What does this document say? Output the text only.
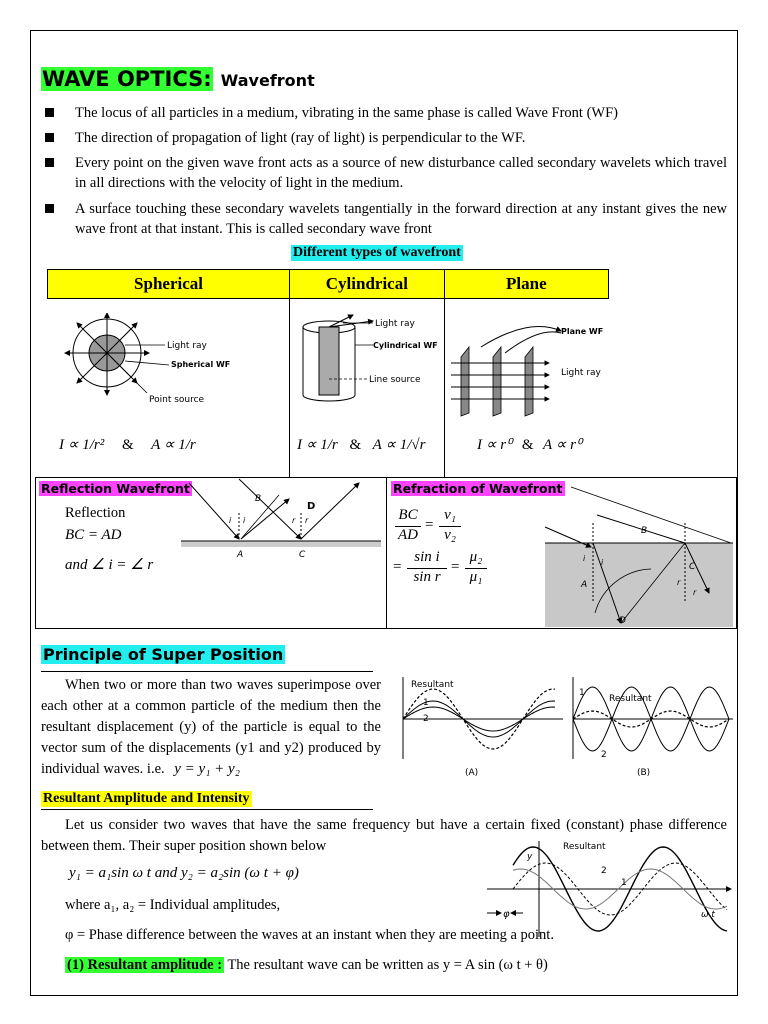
WAVE OPTICS: Wavefront
The locus of all particles in a medium, vibrating in the same phase is called Wave Front (WF)
The direction of propagation of light (ray of light) is perpendicular to the WF.
Every point on the given wave front acts as a source of new disturbance called secondary wavelets which travel in all directions with the velocity of light in the medium.
A surface touching these secondary wavelets tangentially in the forward direction at any instant gives the new wave front at that instant. This is called secondary wave front
Different types of wavefront
Spherical	Cylindrical	Plane
Light ray
Spherical WF
Point source
Light ray
Cylindrical WF
Line source
Plane WF
Light ray
I ∝ 1/r² & A ∝ 1/r	I ∝ 1/r & A ∝ 1/√r	I ∝ r⁰ & A ∝ r⁰
Reflection Wavefront
Reflection
BC = AD
and ∠ i = ∠ r
B
D
i i	r r
A	C
Refraction of Wavefront
BC
AD
=
v₁
v₂
=
sin i
sin r
=
μ₂
μ₁
B
i i
A
C
r
r
D
Principle of Super Position
When two or more than two waves superimpose over each other at a common particle of the medium then the resultant displacement (y) of the particle is equal to the vector sum of the displacements (y1 and y2) produced by individual waves. i.e. y = y₁ + y₂
Resultant
1
2
(A)
1
Resultant
2
(B)
Resultant Amplitude and Intensity
Let us consider two waves that have the same frequency but have a certain fixed (constant) phase difference between them. Their super position shown below
y₁ = a₁sin ω t and y₂ = a₂sin (ω t + φ)
where a₁, a₂ = Individual amplitudes,
φ = Phase difference between the waves at an instant when they are meeting a point.
(1) Resultant amplitude : The resultant wave can be written as y = A sin (ω t + θ)
Resultant
y
2
1
φ	ω t
